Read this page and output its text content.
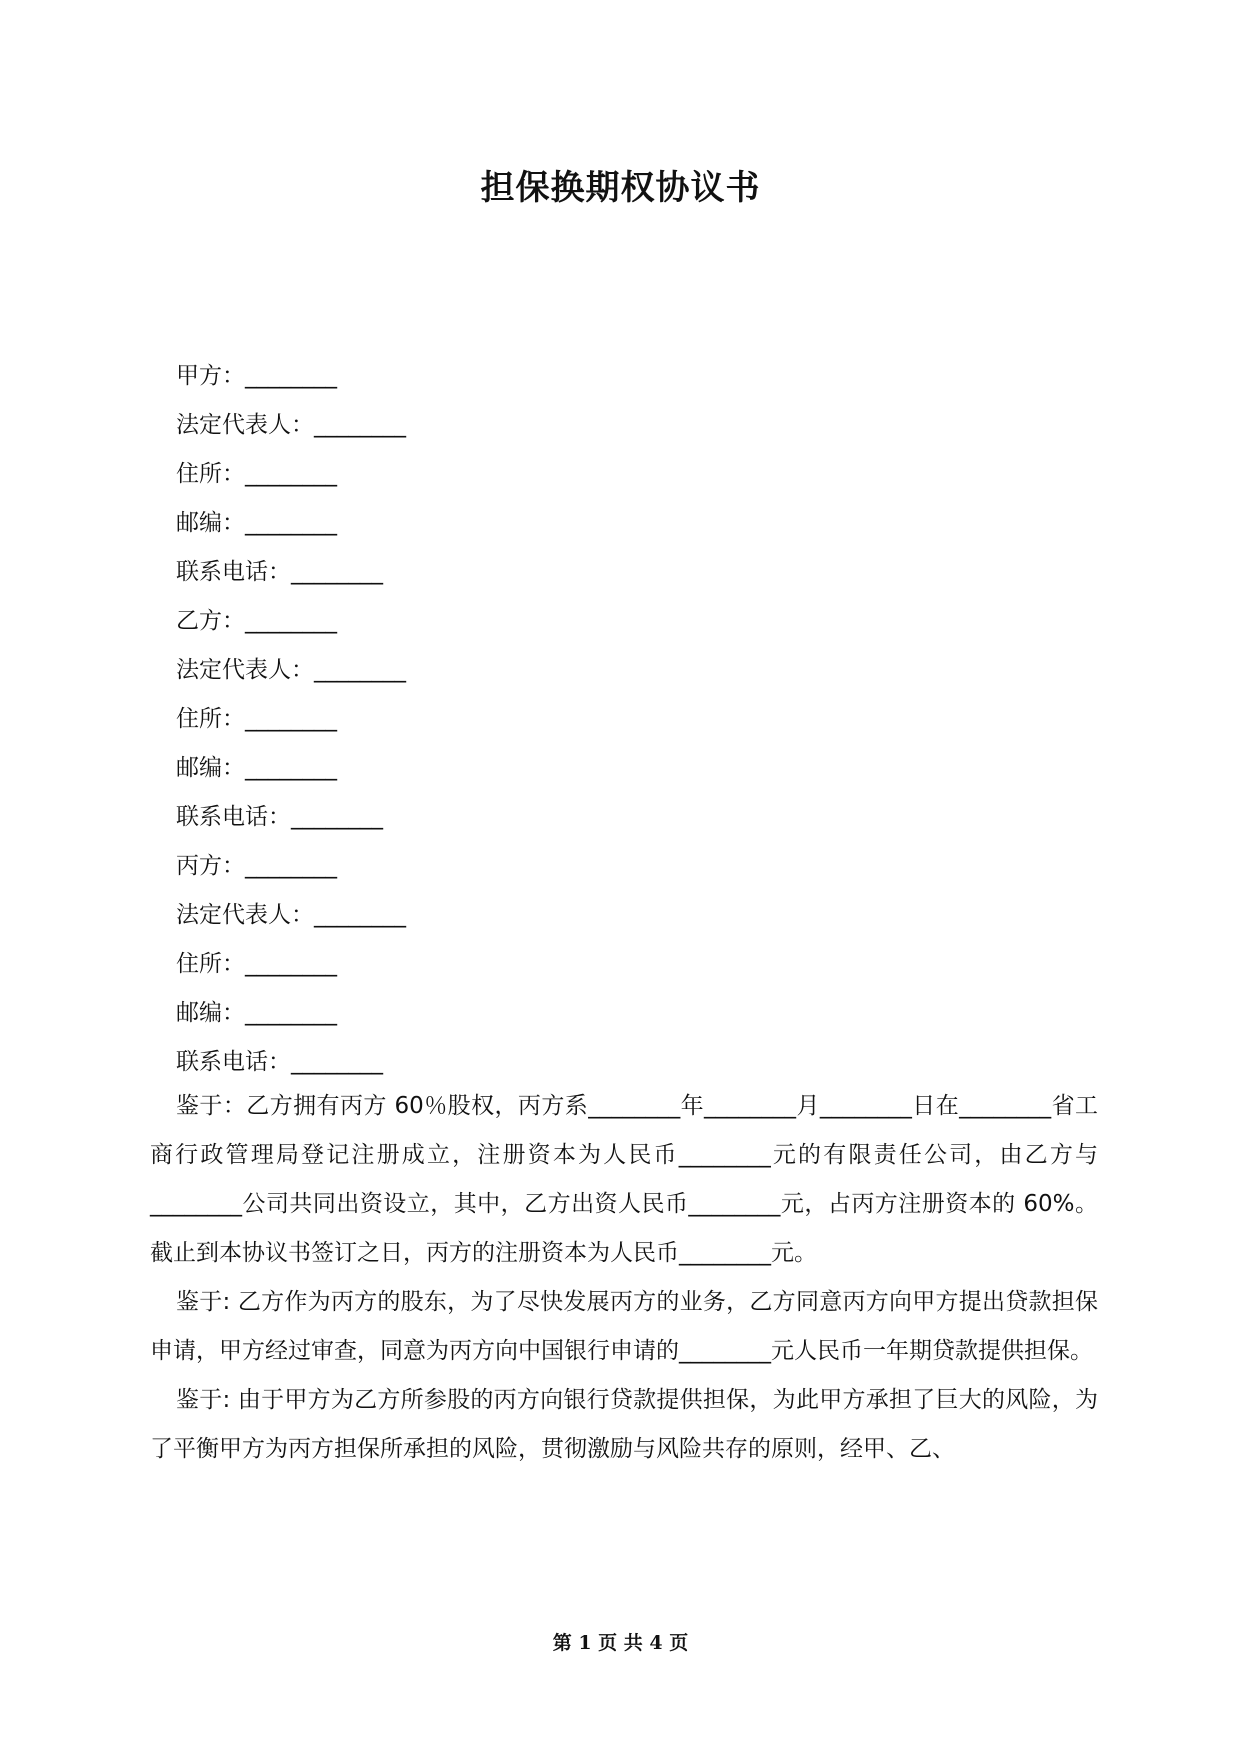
担保换期权协议书
甲方：________
法定代表人：________
住所：________
邮编：________
联系电话：________
乙方：________
法定代表人：________
住所：________
邮编：________
联系电话：________
丙方：________
法定代表人：________
住所：________
邮编：________
联系电话：________

鉴于：乙方拥有丙方 60％股权，丙方系________年________月________日在________省工商行政管理局登记注册成立，注册资本为人民币________元的有限责任公司，由乙方与________公司共同出资设立，其中，乙方出资人民币________元，占丙方注册资本的 60%。截止到本协议书签订之日，丙方的注册资本为人民币________元。

鉴于: 乙方作为丙方的股东，为了尽快发展丙方的业务，乙方同意丙方向甲方提出贷款担保申请，甲方经过审查，同意为丙方向中国银行申请的________元人民币一年期贷款提供担保。

鉴于: 由于甲方为乙方所参股的丙方向银行贷款提供担保，为此甲方承担了巨大的风险，为了平衡甲方为丙方担保所承担的风险，贯彻激励与风险共存的原则，经甲、乙、

第 1 页 共 4 页
